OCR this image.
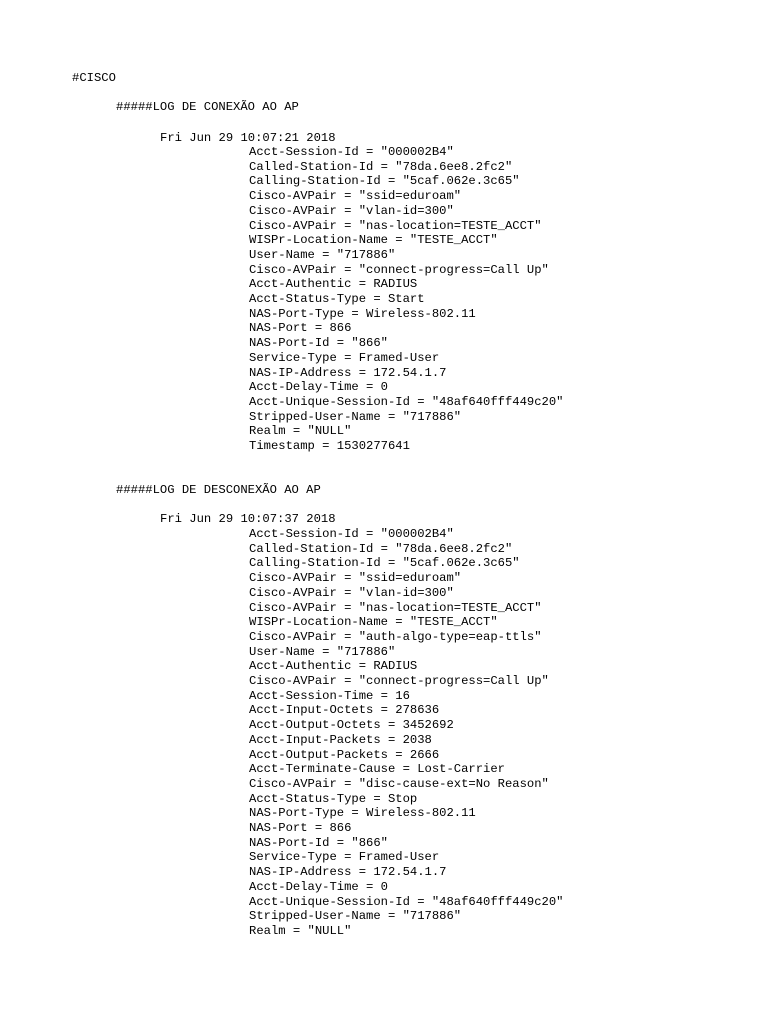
#CISCO
#####LOG DE CONEXÃO AO AP
Fri Jun 29 10:07:21 2018
Acct-Session-Id = "000002B4"
Called-Station-Id = "78da.6ee8.2fc2"
Calling-Station-Id = "5caf.062e.3c65"
Cisco-AVPair = "ssid=eduroam"
Cisco-AVPair = "vlan-id=300"
Cisco-AVPair = "nas-location=TESTE_ACCT"
WISPr-Location-Name = "TESTE_ACCT"
User-Name = "717886"
Cisco-AVPair = "connect-progress=Call Up"
Acct-Authentic = RADIUS
Acct-Status-Type = Start
NAS-Port-Type = Wireless-802.11
NAS-Port = 866
NAS-Port-Id = "866"
Service-Type = Framed-User
NAS-IP-Address = 172.54.1.7
Acct-Delay-Time = 0
Acct-Unique-Session-Id = "48af640fff449c20"
Stripped-User-Name = "717886"
Realm = "NULL"
Timestamp = 1530277641
#####LOG DE DESCONEXÃO AO AP
Fri Jun 29 10:07:37 2018
Acct-Session-Id = "000002B4"
Called-Station-Id = "78da.6ee8.2fc2"
Calling-Station-Id = "5caf.062e.3c65"
Cisco-AVPair = "ssid=eduroam"
Cisco-AVPair = "vlan-id=300"
Cisco-AVPair = "nas-location=TESTE_ACCT"
WISPr-Location-Name = "TESTE_ACCT"
Cisco-AVPair = "auth-algo-type=eap-ttls"
User-Name = "717886"
Acct-Authentic = RADIUS
Cisco-AVPair = "connect-progress=Call Up"
Acct-Session-Time = 16
Acct-Input-Octets = 278636
Acct-Output-Octets = 3452692
Acct-Input-Packets = 2038
Acct-Output-Packets = 2666
Acct-Terminate-Cause = Lost-Carrier
Cisco-AVPair = "disc-cause-ext=No Reason"
Acct-Status-Type = Stop
NAS-Port-Type = Wireless-802.11
NAS-Port = 866
NAS-Port-Id = "866"
Service-Type = Framed-User
NAS-IP-Address = 172.54.1.7
Acct-Delay-Time = 0
Acct-Unique-Session-Id = "48af640fff449c20"
Stripped-User-Name = "717886"
Realm = "NULL"
